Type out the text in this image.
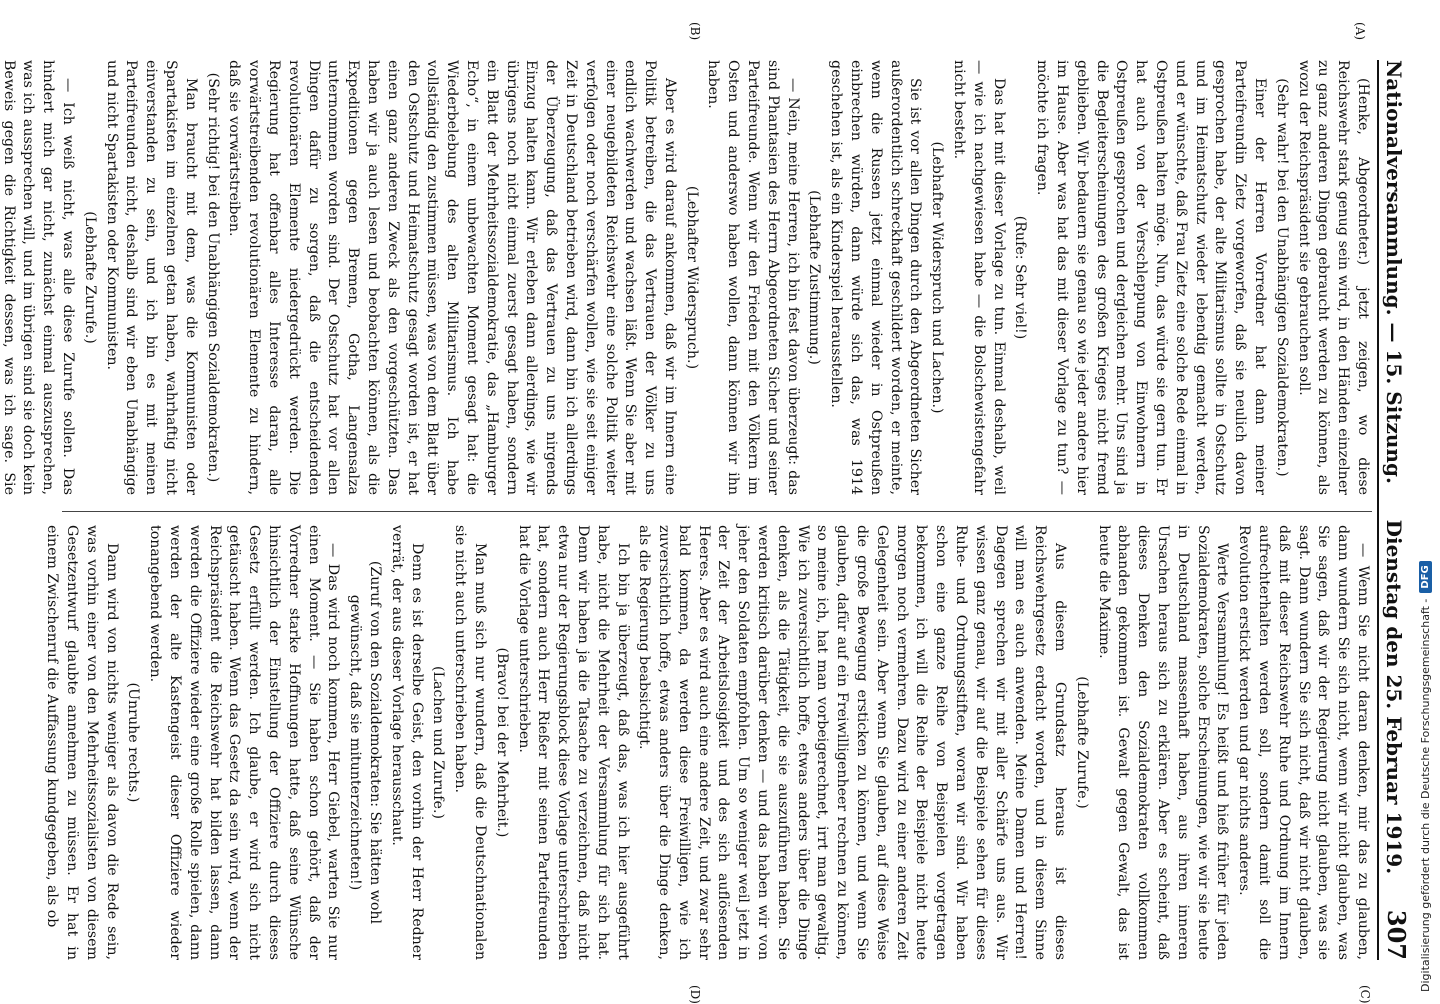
Nationalversammlung. — 15. Sitzung.
Dienstag den 25. Februar 1919.
307
(A)
(B)
(C)
(D)

(Henke, Abgeordneter.) jetzt zeigen, wo diese Reichswehr stark genug sein wird, in den Händen einzelner zu ganz anderen Dingen gebraucht werden zu können, als wozu der Reichspräsident sie gebrauchen soll.

(Sehr wahr! bei den Unabhängigen Sozialdemokraten.)

Einer der Herren Vorredner hat dann meiner Parteifreundin Zietz vorgeworfen, daß sie neulich davon gesprochen habe, der alte Militarismus sollte in Ostschutz und im Heimatschutz wieder lebendig gemacht werden, und er wünschte, daß Frau Zietz eine solche Rede einmal in Ostpreußen halten möge. Nun, das würde sie gern tun. Er hat auch von der Verschleppung von Einwohnern in Ostpreußen gesprochen und dergleichen mehr. Uns sind ja die Begleiterscheinungen des großen Krieges nicht fremd geblieben. Wir bedauern sie genau so wie jeder andere hier im Hause. Aber was hat das mit dieser Vorlage zu tun? — möchte ich fragen.

(Rufe: Sehr viel!)

Das hat mit dieser Vorlage zu tun. Einmal deshalb, weil — wie ich nachgewiesen habe — die Bolschewistengefahr nicht besteht.

(Lebhafter Widerspruch und Lachen.)

Sie ist vor allen Dingen durch den Abgeordneten Sicher außerordentlich schreckhaft geschildert worden, er meinte, wenn die Russen jetzt einmal wieder in Ostpreußen einbrechen würden, dann würde sich das, was 1914 geschehen ist, als ein Kinderspiel herausstellen.

(Lebhafte Zustimmung.)

— Nein, meine Herren, ich bin fest davon überzeugt: das sind Phantasien des Herrn Abgeordneten Sicher und seiner Parteifreunde. Wenn wir den Frieden mit den Völkern im Osten und anderswo haben wollen, dann können wir ihn haben.

(Lebhafter Widerspruch.)

Aber es wird darauf ankommen, daß wir im Innern eine Politik betreiben, die das Vertrauen der Völker zu uns endlich wachwerden und wachsen läßt. Wenn Sie aber mit einer neugebildeten Reichswehr eine solche Politik weiter verfolgen oder noch verschärfen wollen, wie sie seit einiger Zeit in Deutschland betrieben wird, dann bin ich allerdings der Überzeugung, daß das Vertrauen zu uns nirgends Einzug halten kann. Wir erleben dann allerdings, wie wir übrigens noch nicht einmal zuerst gesagt haben, sondern ein Blatt der Mehrheitssozialdemokratie, das „Hamburger Echo“, in einem unbewachten Moment gesagt hat: die Wiederbelebung des alten Militarismus. Ich habe vollständig den zustimmen müssen, was von dem Blatt über den Ostschutz und Heimatschutz gesagt worden ist, er hat einen ganz anderen Zweck als den vorgeschützten. Das haben wir ja auch lesen und beobachten können, als die Expeditionen gegen Bremen, Gotha, Langensalza unternommen worden sind. Der Ostschutz hat vor allen Dingen dafür zu sorgen, daß die entscheidenden revolutionären Elemente niedergedrückt werden. Die Regierung hat offenbar alles Interesse daran, alle vorwärtstreibenden revolutionären Elemente zu hindern, daß sie vorwärtstreiben.

(Sehr richtig! bei den Unabhängigen Sozialdemokraten.)

Man braucht mit dem, was die Kommunisten oder Spartakisten im einzelnen getan haben, wahrhaftig nicht einverstanden zu sein, und ich bin es mit meinen Parteifreunden nicht, deshalb sind wir eben Unabhängige und nicht Spartakisten oder Kommunisten.

(Lebhafte Zurufe.)

— Ich weiß nicht, was alle diese Zurufe sollen. Das hindert mich gar nicht, zunächst einmal auszusprechen, was ich aussprechen will, und im übrigen sind sie doch kein Beweis gegen die Richtigkeit dessen, was ich sage. Sie

— Wenn Sie nicht daran denken, mir das zu glauben, dann wundern Sie sich nicht, wenn wir nicht glauben, was Sie sagen, daß wir der Regierung nicht glauben, was sie sagt. Dann wundern Sie sich nicht, daß wir nicht glauben, daß mit dieser Reichswehr Ruhe und Ordnung im Innern aufrechterhalten werden soll, sondern damit soll die Revolution erstickt werden und gar nichts anderes.

Werte Versammlung! Es heißt und hieß früher für jeden Sozialdemokraten, solche Erscheinungen, wie wir sie heute in Deutschland massenhaft haben, aus ihren inneren Ursachen heraus sich zu erklären. Aber es scheint, daß dieses Denken den Sozialdemokraten vollkommen abhanden gekommen ist. Gewalt gegen Gewalt, das ist heute die Maxime.

(Lebhafte Zurufe.)

Aus diesem Grundsatz heraus ist dieses Reichswehrgesetz erdacht worden, und in diesem Sinne will man es auch anwenden. Meine Damen und Herren! Dagegen sprechen wir mit aller Schärfe uns aus. Wir wissen ganz genau, wir auf die Beispiele sehen für dieses Ruhe- und Ordnungsstiften, woran wir sind. Wir haben schon eine ganze Reihe von Beispielen vorgetragen bekommen, ich will die Reihe der Beispiele nicht heute morgen noch vermehren. Dazu wird zu einer anderen Zeit Gelegenheit sein. Aber wenn Sie glauben, auf diese Weise die große Bewegung ersticken zu können, und wenn Sie glauben, dafür auf ein Freiwilligenheer rechnen zu können, so meine ich, hat man vorbeigerechnet, irrt man gewaltig. Wie ich zuversichtlich hoffe, etwas anders über die Dinge denken, als die Tätigkeit, die sie auszuführen haben. Sie werden kritisch darüber denken — und das haben wir von jeher den Soldaten empfohlen. Um so weniger weil jetzt in der Zeit der Arbeitslosigkeit und des sich auflösenden Heeres. Aber es wird auch eine andere Zeit, und zwar sehr bald kommen, da werden diese Freiwilligen, wie ich zuversichtlich hoffe, etwas anders über die Dinge denken, als die Regierung beabsichtigt.

Ich bin ja überzeugt, daß das, was ich hier ausgeführt habe, nicht die Mehrheit der Versammlung für sich hat. Denn wir haben ja die Tatsache zu verzeichnen, daß nicht etwa nur der Regierungsblock diese Vorlage unterschrieben hat, sondern auch Herr Rießer mit seinen Parteifreunden hat die Vorlage unterschrieben.

(Bravo! bei der Mehrheit.)

Man muß sich nur wundern, daß die Deutschnationalen sie nicht auch unterschrieben haben.

(Lachen und Zurufe.)

Denn es ist derselbe Geist, den vorhin der Herr Redner verrät, der aus dieser Vorlage herausschaut.

(Zuruf von den Sozialdemokraten: Sie hätten wohl gewünscht, daß sie mitunterzeichneten!)

— Das wird noch kommen, Herr Giebel, warten Sie nur einen Moment. — Sie haben schon gehört, daß der Vorredner starke Hoffnungen hatte, daß seine Wünsche hinsichtlich der Einstellung der Offiziere durch dieses Gesetz erfüllt werden. Ich glaube, er wird sich nicht getäuscht haben. Wenn das Gesetz da sein wird, wenn der Reichspräsident die Reichswehr hat bilden lassen, dann werden die Offiziere wieder eine große Rolle spielen, dann werden der alte Kastengeist dieser Offiziere wieder tonangebend werden.

(Unruhe rechts.)

Dann wird von nichts weniger als davon die Rede sein, was vorhin einer von den Mehrheitssozialisten von diesem Gesetzentwurf glaubte annehmen zu müssen. Er hat in einem Zwischenruf die Auffassung kundgegeben, als ob	Digitalisierung gefördert durch die Deutsche Forschungsgemeinschaft -
DFG
